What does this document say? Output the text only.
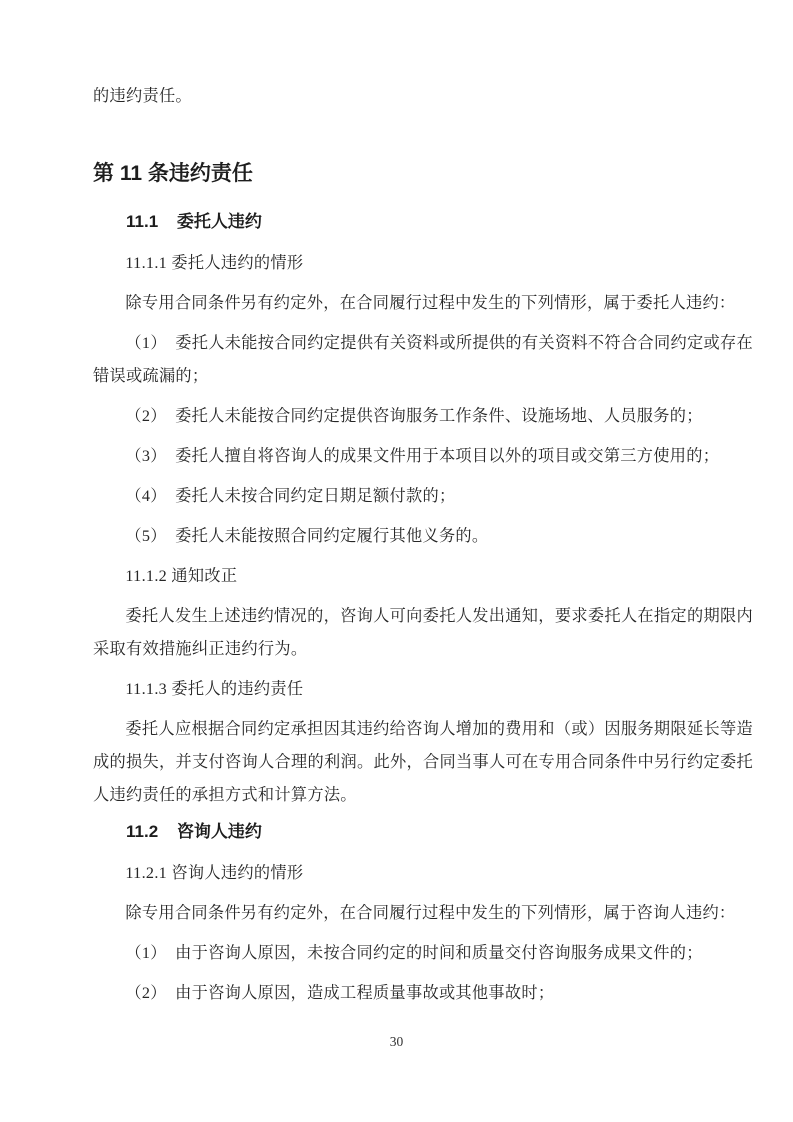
的违约责任。

第 11 条违约责任
11.1 委托人违约

11.1.1 委托人违约的情形

除专用合同条件另有约定外，在合同履行过程中发生的下列情形，属于委托人违约：

（1）　委托人未能按合同约定提供有关资料或所提供的有关资料不符合合同约定或存在错误或疏漏的；

（2）　委托人未能按合同约定提供咨询服务工作条件、设施场地、人员服务的；

（3）　委托人擅自将咨询人的成果文件用于本项目以外的项目或交第三方使用的；

（4）　委托人未按合同约定日期足额付款的；

（5）　委托人未能按照合同约定履行其他义务的。

11.1.2 通知改正

委托人发生上述违约情况的，咨询人可向委托人发出通知，要求委托人在指定的期限内采取有效措施纠正违约行为。

11.1.3 委托人的违约责任

委托人应根据合同约定承担因其违约给咨询人增加的费用和（或）因服务期限延长等造成的损失，并支付咨询人合理的利润。此外，合同当事人可在专用合同条件中另行约定委托人违约责任的承担方式和计算方法。

11.2 咨询人违约

11.2.1 咨询人违约的情形

除专用合同条件另有约定外，在合同履行过程中发生的下列情形，属于咨询人违约：

（1）　由于咨询人原因，未按合同约定的时间和质量交付咨询服务成果文件的；

（2）　由于咨询人原因，造成工程质量事故或其他事故时；

30
